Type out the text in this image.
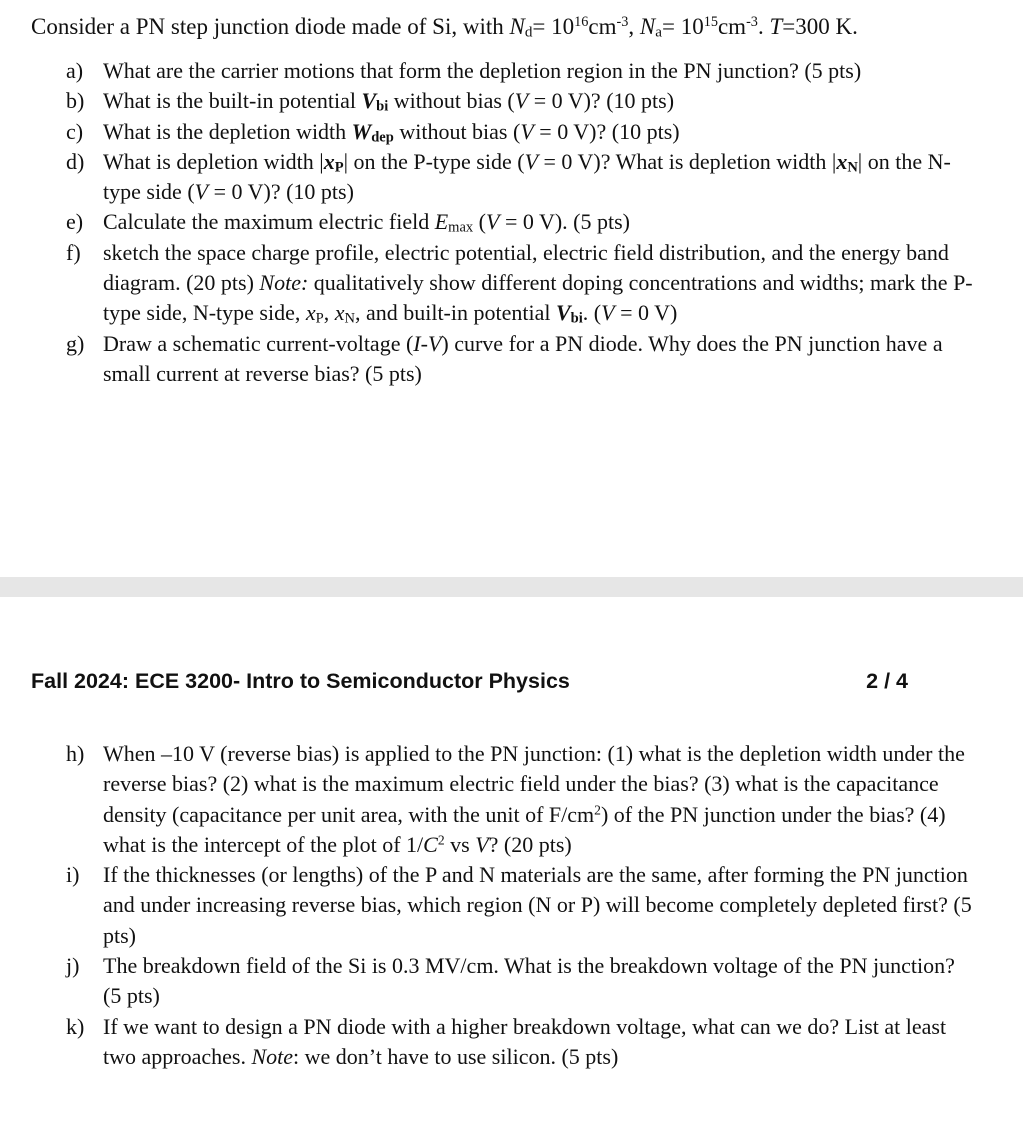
Consider a PN step junction diode made of Si, with $Nd= 10^{16}cm^{-3}$, $Na= 10^{15}cm^{-3}$. T=300 K.
a) What are the carrier motions that form the depletion region in the PN junction? (5 pts)
b) What is the built-in potential Vbi without bias (V = 0 V)? (10 pts)
c) What is the depletion width Wdep without bias (V = 0 V)? (10 pts)
d) What is depletion width |xP| on the P-type side (V = 0 V)? What is depletion width |xN| on the N-type side (V = 0 V)? (10 pts)
e) Calculate the maximum electric field Emax (V = 0 V). (5 pts)
f)	sketch the space charge profile, electric potential, electric field distribution, and the energy band diagram. (20 pts) Note: qualitatively show different doping concentrations and widths; mark the P-type side, N-type side, xP, xN, and built-in potential Vbi. (V = 0 V)
g) Draw a schematic current-voltage (I-V) curve for a PN diode. Why does the PN junction have a small current at reverse bias? (5 pts)
Fall 2024: ECE 3200- Intro to Semiconductor Physics	2 / 4
h) When –10 V (reverse bias) is applied to the PN junction: (1) what is the depletion width under the reverse bias? (2) what is the maximum electric field under the bias? (3) what is the capacitance density (capacitance per unit area, with the unit of $F/cm^2$) of the PN junction under the bias? (4) what is the intercept of the plot of $1/C^2$ vs V? (20 pts)
i)	If the thicknesses (or lengths) of the P and N materials are the same, after forming the PN junction and under increasing reverse bias, which region (N or P) will become completely depleted first? (5 pts)
j)	The breakdown field of the Si is 0.3 MV/cm. What is the breakdown voltage of the PN junction? (5 pts)
k) If we want to design a PN diode with a higher breakdown voltage, what can we do? List at least two approaches. Note: we don’t have to use silicon. (5 pts)
